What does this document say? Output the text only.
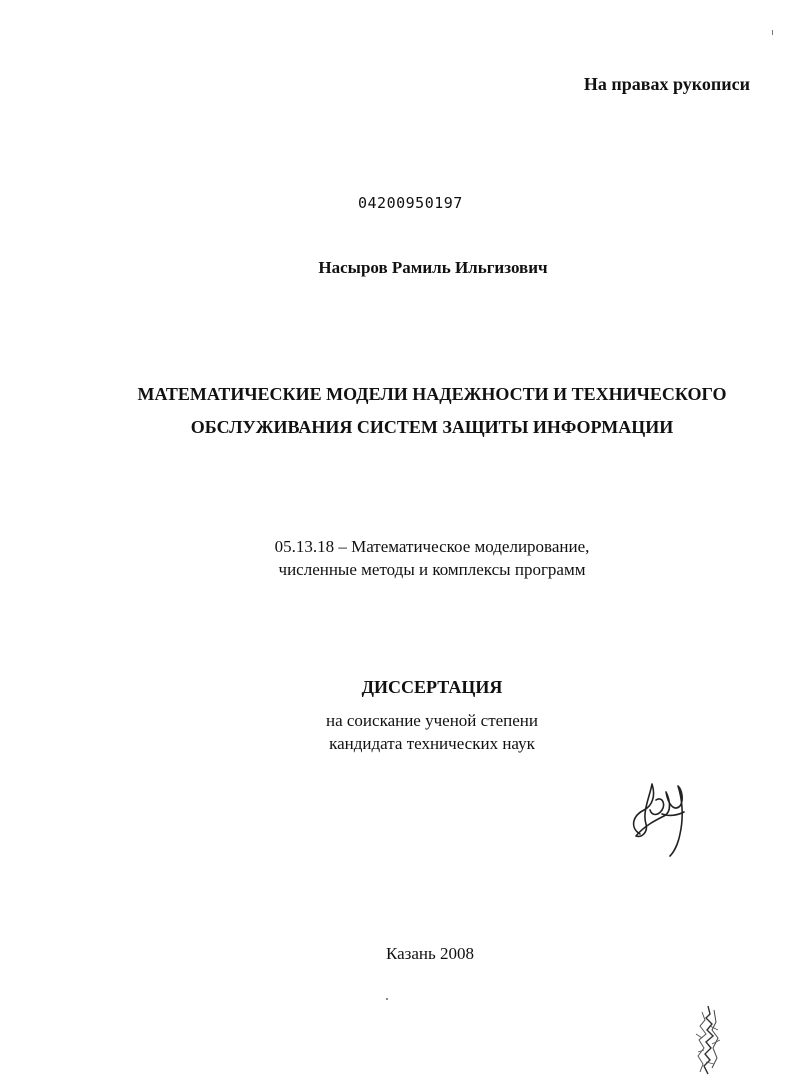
На правах рукописи
04200950197
Насыров Рамиль Ильгизович
МАТЕМАТИЧЕСКИЕ МОДЕЛИ НАДЕЖНОСТИ И ТЕХНИЧЕСКОГО
ОБСЛУЖИВАНИЯ СИСТЕМ ЗАЩИТЫ ИНФОРМАЦИИ
05.13.18 – Математическое моделирование,
численные методы и комплексы программ
ДИССЕРТАЦИЯ
на соискание ученой степени
кандидата технических наук
Казань 2008
